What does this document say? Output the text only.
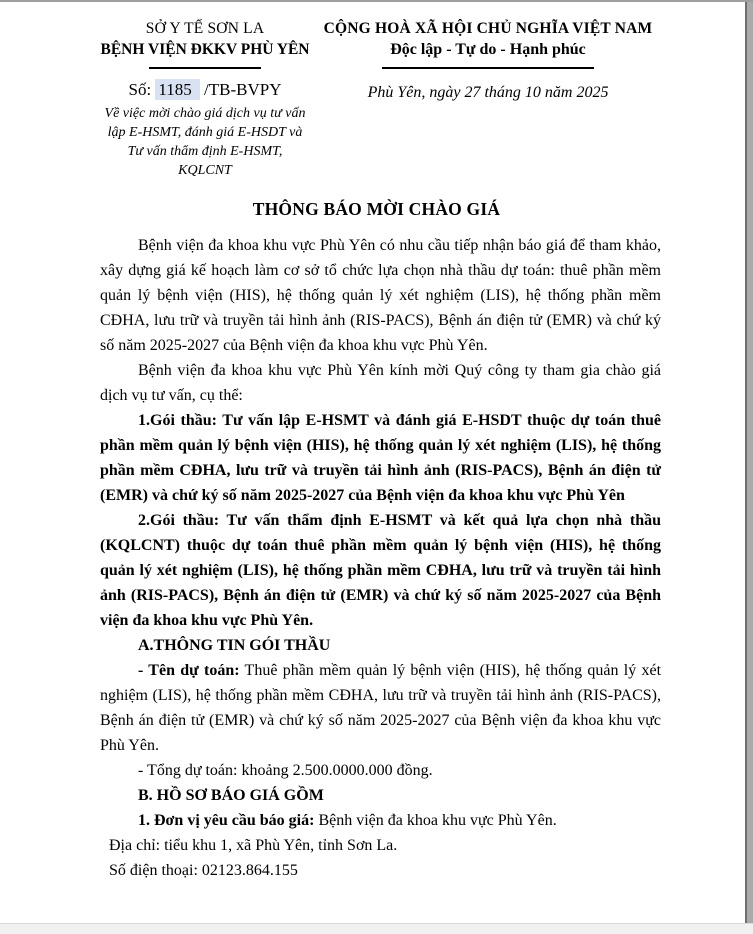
SỞ Y TẾ SƠN LA
BỆNH VIỆN ĐKKV PHÙ YÊN
Số: 1185 /TB-BVPY
Về việc mời chào giá dịch vụ tư vấn
lập E-HSMT, đánh giá E-HSDT và
Tư vấn thẩm định E-HSMT,
KQLCNT
CỘNG HOÀ XÃ HỘI CHỦ NGHĨA VIỆT NAM
Độc lập - Tự do - Hạnh phúc
Phù Yên, ngày 27 tháng 10 năm 2025
THÔNG BÁO MỜI CHÀO GIÁ

Bệnh viện đa khoa khu vực Phù Yên có nhu cầu tiếp nhận báo giá để tham khảo, xây dựng giá kế hoạch làm cơ sở tổ chức lựa chọn nhà thầu dự toán: thuê phần mềm quản lý bệnh viện (HIS), hệ thống quản lý xét nghiệm (LIS), hệ thống phần mềm CĐHA, lưu trữ và truyền tải hình ảnh (RIS-PACS), Bệnh án điện tử (EMR) và chứ ký số năm 2025-2027 của Bệnh viện đa khoa khu vực Phù Yên.

Bệnh viện đa khoa khu vực Phù Yên kính mời Quý công ty tham gia chào giá dịch vụ tư vấn, cụ thể:

1.Gói thầu: Tư vấn lập E-HSMT và đánh giá E-HSDT thuộc dự toán thuê phần mềm quản lý bệnh viện (HIS), hệ thống quản lý xét nghiệm (LIS), hệ thống phần mềm CĐHA, lưu trữ và truyền tải hình ảnh (RIS-PACS), Bệnh án điện tử (EMR) và chứ ký số năm 2025-2027 của Bệnh viện đa khoa khu vực Phù Yên

2.Gói thầu: Tư vấn thẩm định E-HSMT và kết quả lựa chọn nhà thầu (KQLCNT) thuộc dự toán thuê phần mềm quản lý bệnh viện (HIS), hệ thống quản lý xét nghiệm (LIS), hệ thống phần mềm CĐHA, lưu trữ và truyền tải hình ảnh (RIS-PACS), Bệnh án điện tử (EMR) và chứ ký số năm 2025-2027 của Bệnh viện đa khoa khu vực Phù Yên.

A.THÔNG TIN GÓI THẦU

- Tên dự toán: Thuê phần mềm quản lý bệnh viện (HIS), hệ thống quản lý xét nghiệm (LIS), hệ thống phần mềm CĐHA, lưu trữ và truyền tải hình ảnh (RIS-PACS), Bệnh án điện tử (EMR) và chứ ký số năm 2025-2027 của Bệnh viện đa khoa khu vực Phù Yên.

- Tổng dự toán: khoảng 2.500.0000.000 đồng.

B. HỒ SƠ BÁO GIÁ GỒM

1. Đơn vị yêu cầu báo giá: Bệnh viện đa khoa khu vực Phù Yên.

Địa chỉ: tiểu khu 1, xã Phù Yên, tỉnh Sơn La.

Số điện thoại: 02123.864.155
